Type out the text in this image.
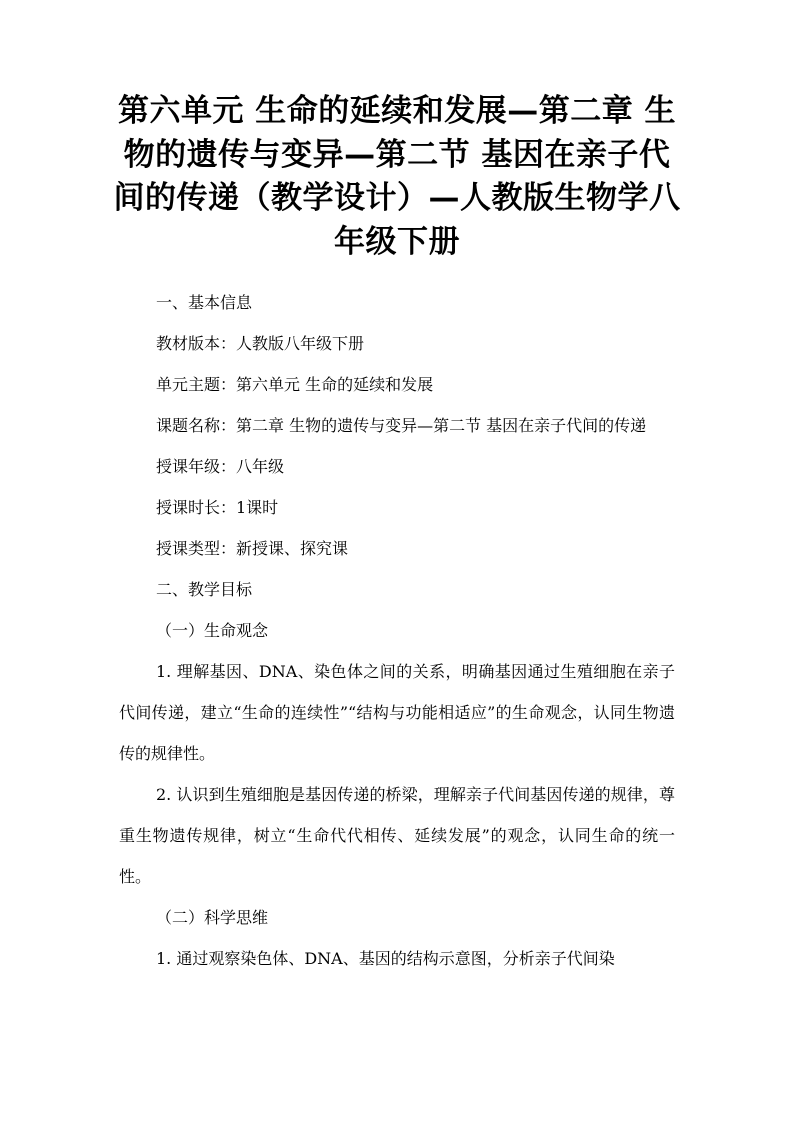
第六单元 生命的延续和发展—第二章 生物的遗传与变异—第二节 基因在亲子代间的传递（教学设计）—人教版生物学八年级下册

一、基本信息

教材版本：人教版八年级下册

单元主题：第六单元 生命的延续和发展

课题名称：第二章 生物的遗传与变异—第二节 基因在亲子代间的传递

授课年级：八年级

授课时长：1课时

授课类型：新授课、探究课

二、教学目标

（一）生命观念

1. 理解基因、DNA、染色体之间的关系，明确基因通过生殖细胞在亲子代间传递，建立“生命的连续性”“结构与功能相适应”的生命观念，认同生物遗传的规律性。

2. 认识到生殖细胞是基因传递的桥梁，理解亲子代间基因传递的规律，尊重生物遗传规律，树立“生命代代相传、延续发展”的观念，认同生命的统一性。

（二）科学思维

1. 通过观察染色体、DNA、基因的结构示意图，分析亲子代间染
